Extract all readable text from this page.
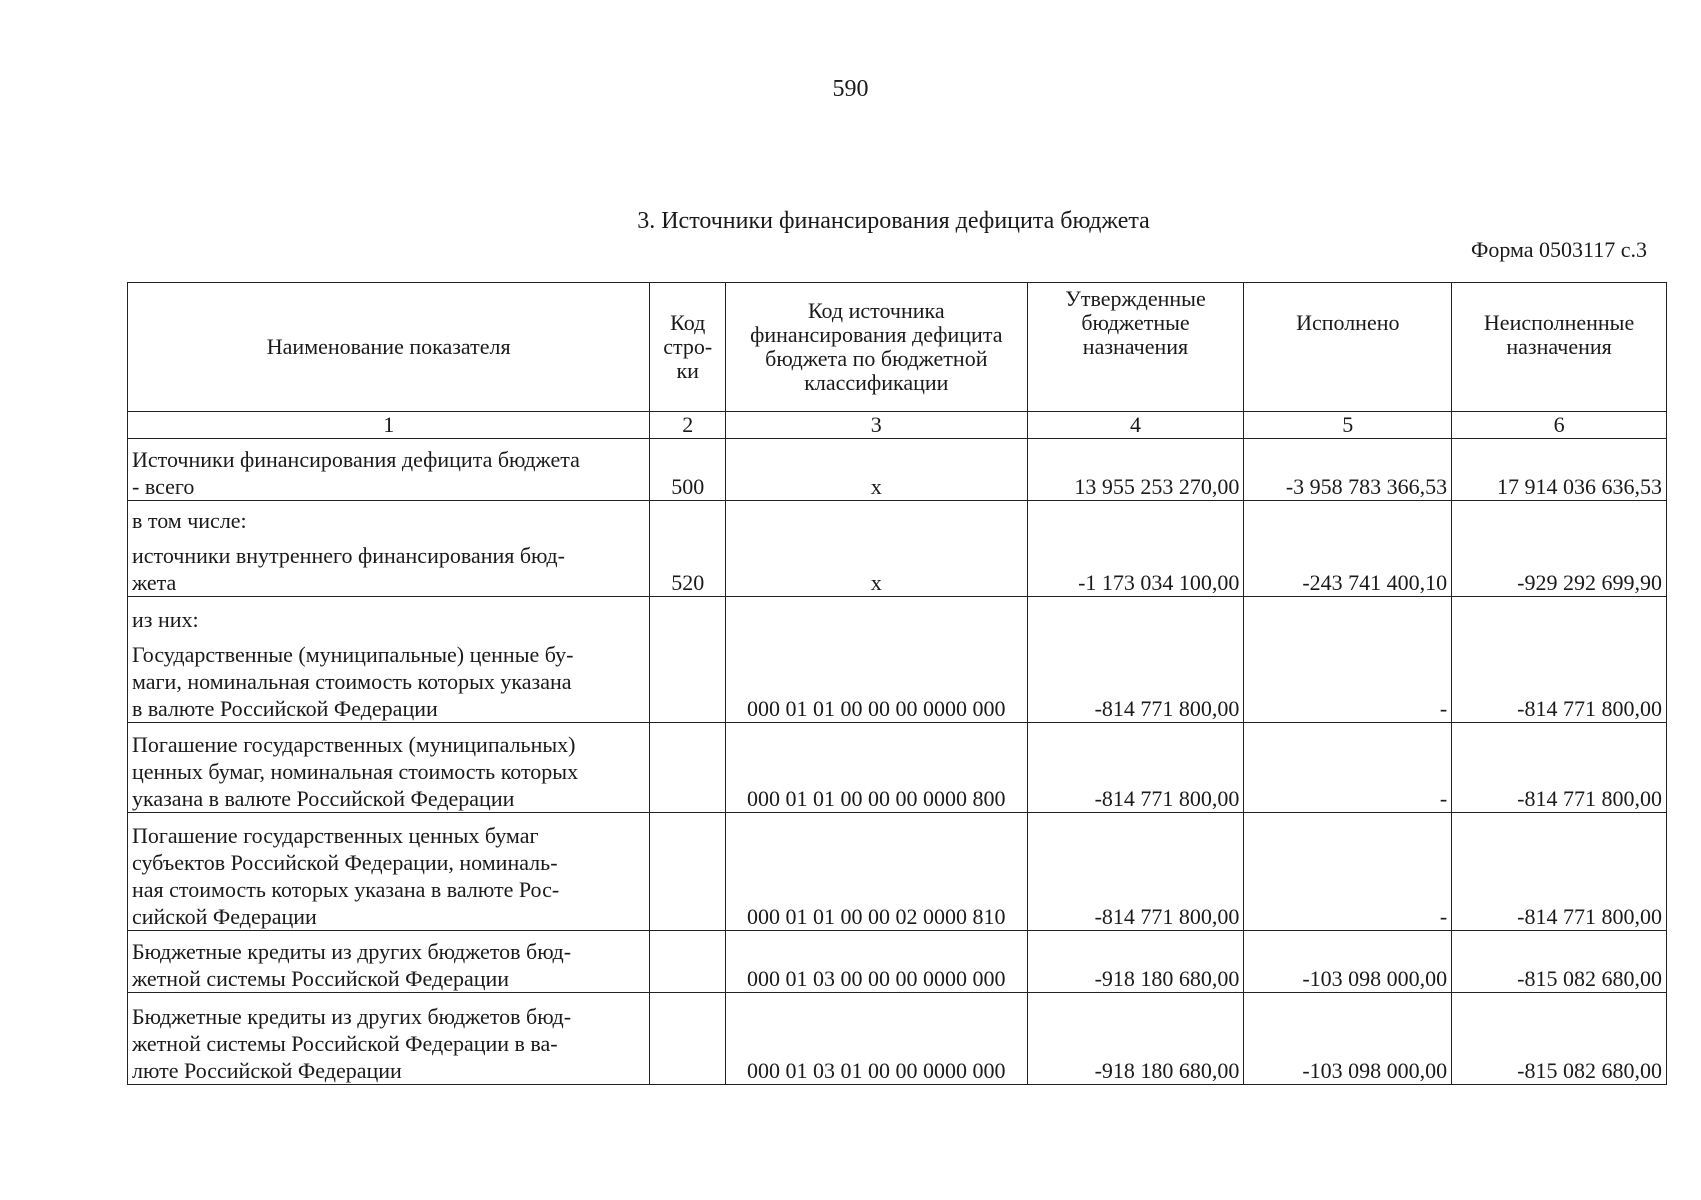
590
3. Источники финансирования дефицита бюджета
Форма 0503117 с.3
Наименование показателя	Код
стро-
ки	Код источника
финансирования дефицита
бюджета по бюджетной
классификации	Утвержденные
бюджетные
назначения	Исполнено	Неисполненные
назначения

1	2	3	4	5	6

Источники финансирования дефицита бюджета
- всего	500	x	13 955 253 270,00	-3 958 783 366,53	17 914 036 636,53

в том числе:
источники внутреннего финансирования бюд-
жета	520	x	-1 173 034 100,00	-243 741 400,10	-929 292 699,90

из них:
Государственные (муниципальные) ценные бу-
маги, номинальная стоимость которых указана
в валюте Российской Федерации		000 01 01 00 00 00 0000 000	-814 771 800,00	-	-814 771 800,00

Погашение государственных (муниципальных)
ценных бумаг, номинальная стоимость которых
указана в валюте Российской Федерации		000 01 01 00 00 00 0000 800	-814 771 800,00	-	-814 771 800,00

Погашение государственных ценных бумаг
субъектов Российской Федерации, номиналь-
ная стоимость которых указана в валюте Рос-
сийской Федерации		000 01 01 00 00 02 0000 810	-814 771 800,00	-	-814 771 800,00

Бюджетные кредиты из других бюджетов бюд-
жетной системы Российской Федерации		000 01 03 00 00 00 0000 000	-918 180 680,00	-103 098 000,00	-815 082 680,00

Бюджетные кредиты из других бюджетов бюд-
жетной системы Российской Федерации в ва-
люте Российской Федерации		000 01 03 01 00 00 0000 000	-918 180 680,00	-103 098 000,00	-815 082 680,00
